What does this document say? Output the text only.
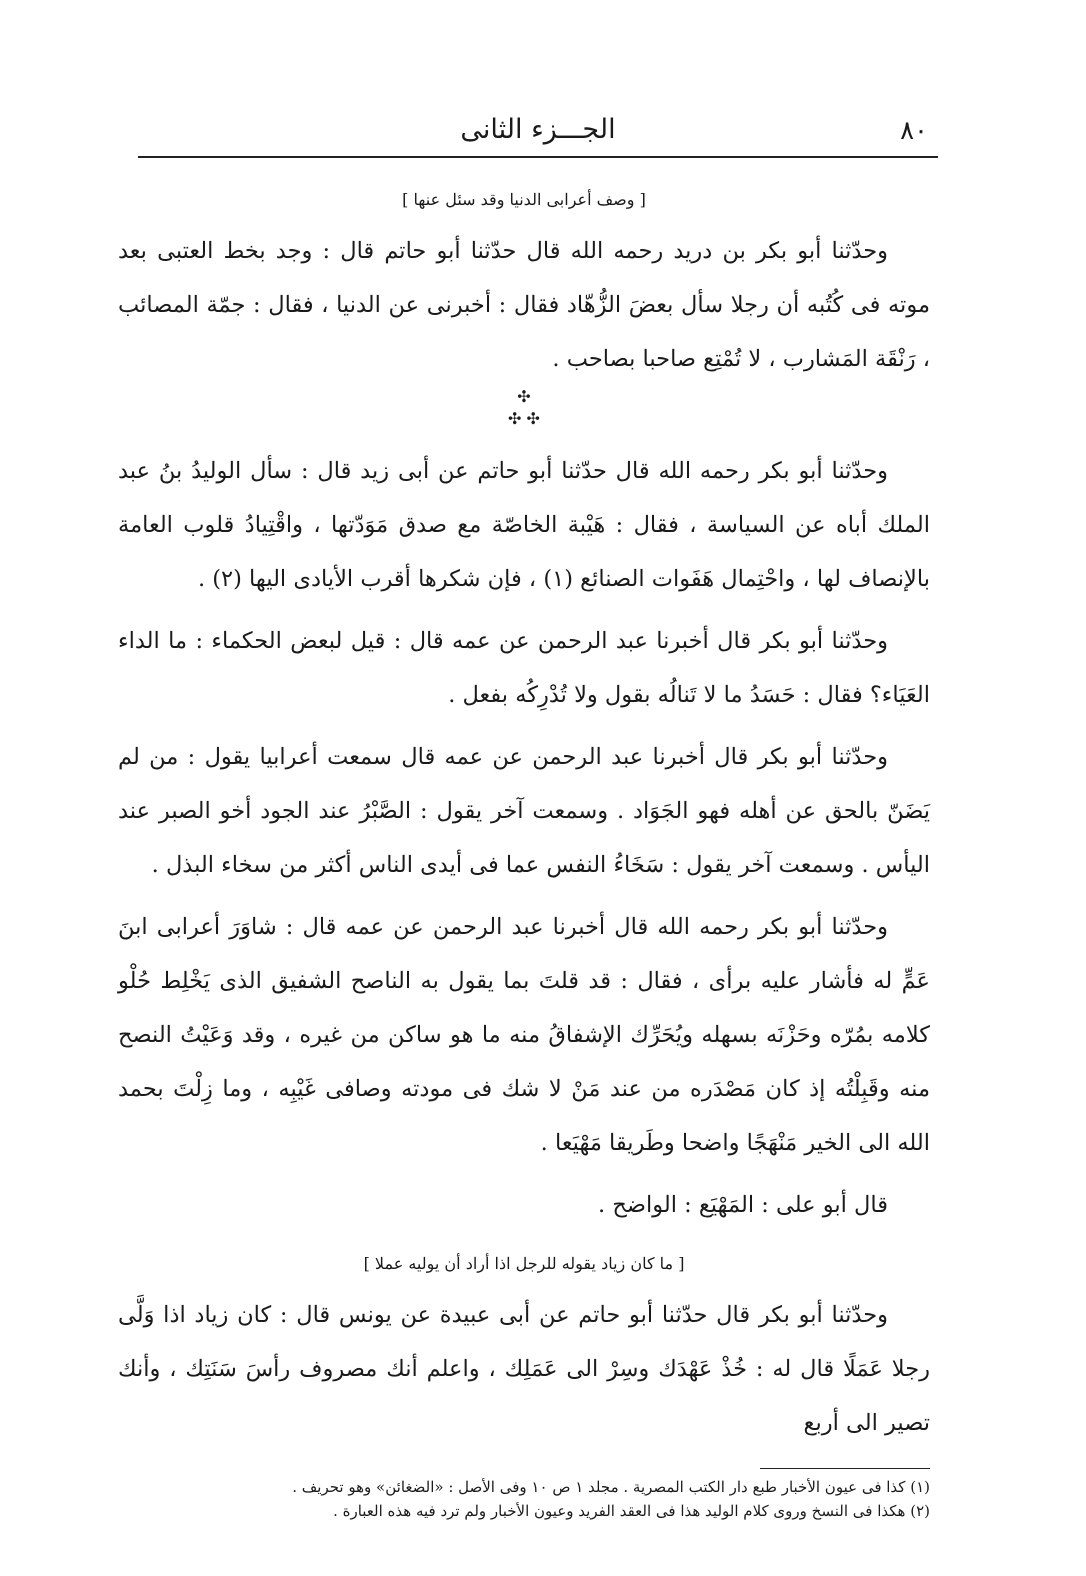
٨٠
الجـــزء الثانى

[ وصف أعرابى الدنيا وقد سئل عنها ]

وحدّثنا أبو بكر بن دريد رحمه الله قال حدّثنا أبو حاتم قال : وجد بخط العتبى بعد موته فى كُتُبه أن رجلا سأل بعضَ الزُّهّاد فقال : أخبرنى عن الدنيا ، فقال : جمّة المصائب ، رَنْقَة المَشارب ، لا تُمْتِع صاحبا بصاحب .

✣
✣ ✣

وحدّثنا أبو بكر رحمه الله قال حدّثنا أبو حاتم عن أبى زيد قال : سأل الوليدُ بنُ عبد الملك أباه عن السياسة ، فقال : هَيْبة الخاصّة مع صدق مَوَدّتها ، واقْتِيادُ قلوب العامة بالإنصاف لها ، واحْتِمال هَفَوات الصنائع (١) ، فإن شكرها أقرب الأيادى اليها (٢) .

وحدّثنا أبو بكر قال أخبرنا عبد الرحمن عن عمه قال : قيل لبعض الحكماء : ما الداء العَيَاء؟ فقال : حَسَدُ ما لا تَنالُه بقول ولا تُدْرِكُه بفعل .

وحدّثنا أبو بكر قال أخبرنا عبد الرحمن عن عمه قال سمعت أعرابيا يقول : من لم يَضَنّ بالحق عن أهله فهو الجَوَاد . وسمعت آخر يقول : الصَّبْرُ عند الجود أخو الصبر عند اليأس . وسمعت آخر يقول : سَخَاءُ النفس عما فى أيدى الناس أكثر من سخاء البذل .

وحدّثنا أبو بكر رحمه الله قال أخبرنا عبد الرحمن عن عمه قال : شاوَرَ أعرابى ابنَ عَمٍّ له فأشار عليه برأى ، فقال : قد قلتَ بما يقول به الناصح الشفيق الذى يَخْلِط حُلْو كلامه بمُرّه وحَزْنَه بسهله ويُحَرِّك الإشفاقُ منه ما هو ساكن من غيره ، وقد وَعَيْتُ النصح منه وقَبِلْتُه إذ كان مَصْدَره من عند مَنْ لا شك فى مودته وصافى غَيْبِه ، وما زِلْتَ بحمد الله الى الخير مَنْهَجًا واضحا وطَريقا مَهْيَعا .

قال أبو على : المَهْيَع : الواضح .

[ ما كان زياد يقوله للرجل اذا أراد أن يوليه عملا ]

وحدّثنا أبو بكر قال حدّثنا أبو حاتم عن أبى عبيدة عن يونس قال : كان زياد اذا وَلَّى رجلا عَمَلًا قال له : خُذْ عَهْدَك وسِرْ الى عَمَلِك ، واعلم أنك مصروف رأسَ سَنَتِك ، وأنك تصير الى أربع

(١) كذا فى عيون الأخبار طبع دار الكتب المصرية . مجلد ١ ص ١٠ وفى الأصل : «الضغائن» وهو تحريف .

(٢) هكذا فى النسخ وروى كلام الوليد هذا فى العقد الفريد وعيون الأخبار ولم ترد فيه هذه العبارة .
